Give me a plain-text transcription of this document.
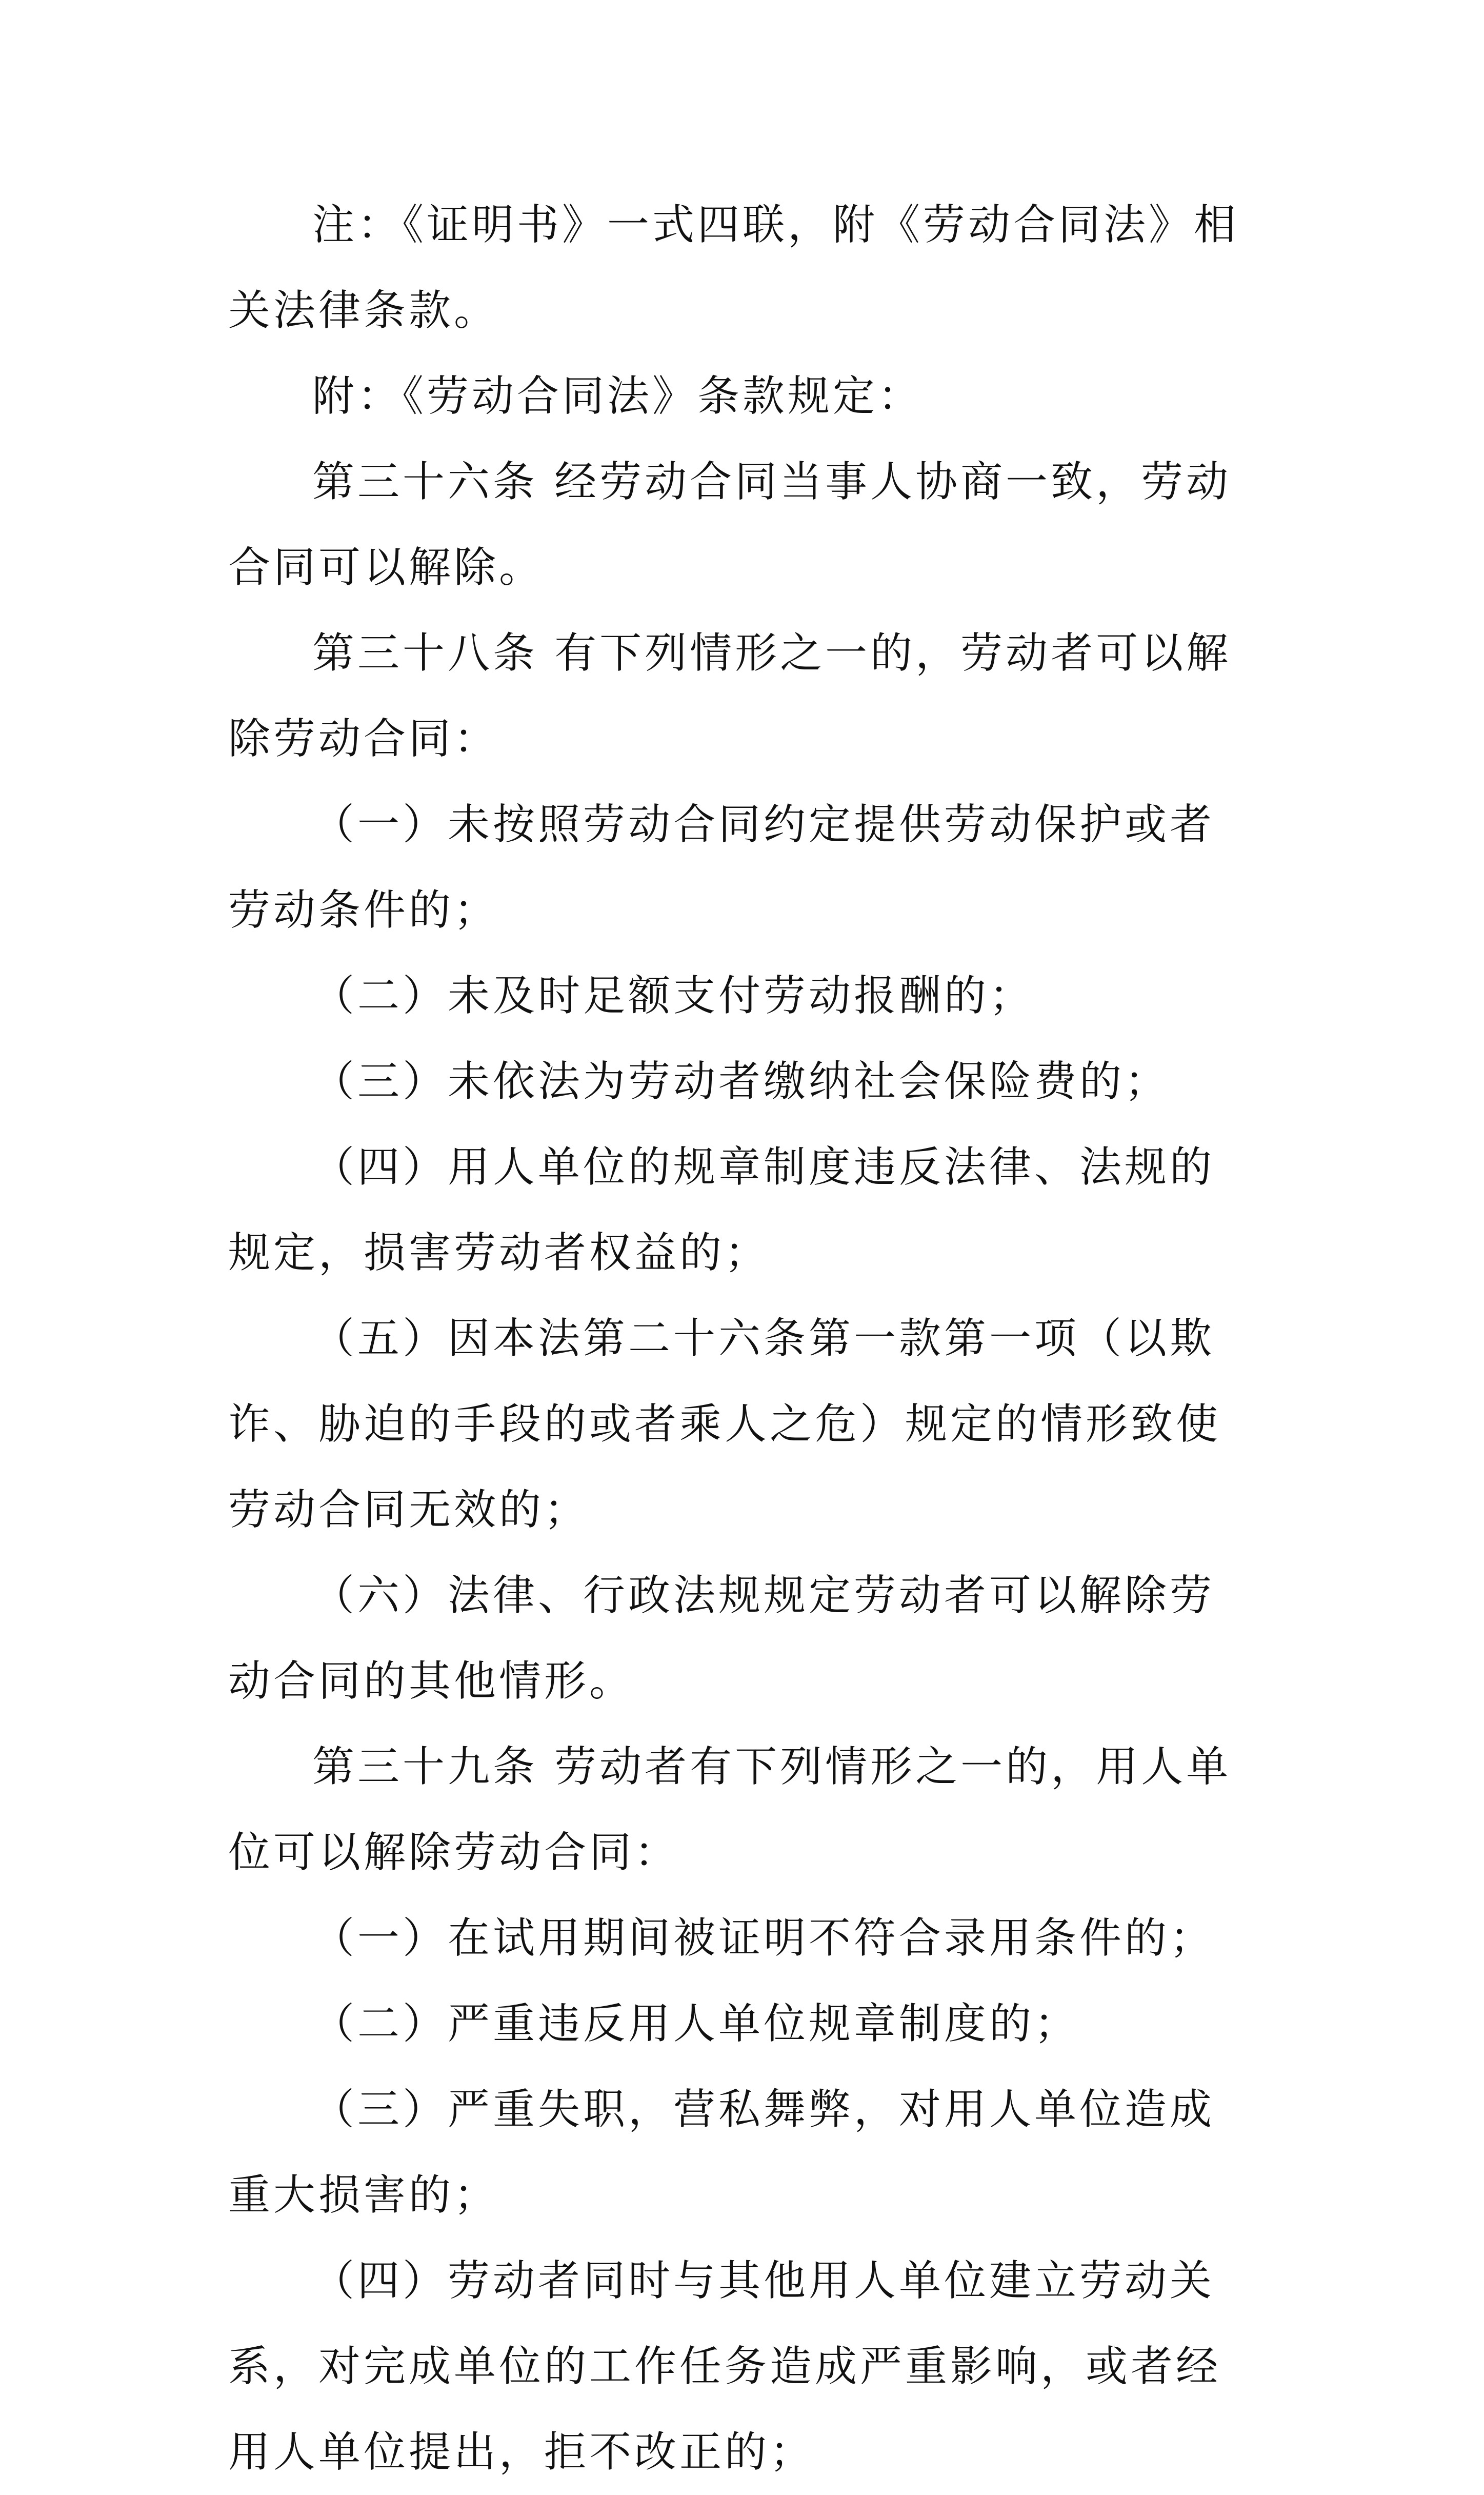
注：《证明书》一式四联，附《劳动合同法》相关法律条款。

附：《劳动合同法》条款规定：

第三十六条 经劳动合同当事人协商一致，劳动合同可以解除。

第三十八条 有下列情形之一的，劳动者可以解除劳动合同：

（一）未按照劳动合同约定提供劳动保护或者劳动条件的；

（二）未及时足额支付劳动报酬的；

（三）未依法为劳动者缴纳社会保险费的；

（四）用人单位的规章制度违反法律、法规的规定，损害劳动者权益的；

（五）因本法第二十六条第一款第一项（以欺诈、胁迫的手段的或者乘人之危）规定的情形致使劳动合同无效的；

（六）法律、行政法规规定劳动者可以解除劳动合同的其他情形。

第三十九条 劳动者有下列情形之一的，用人单位可以解除劳动合同：

（一）在试用期间被证明不符合录用条件的；

（二）严重违反用人单位规章制度的；

（三）严重失职，营私舞弊，对用人单位造成重大损害的；

（四）劳动者同时与其他用人单位建立劳动关系，对完成单位的工作任务造成严重影响，或者经用人单位提出，拒不改正的；
